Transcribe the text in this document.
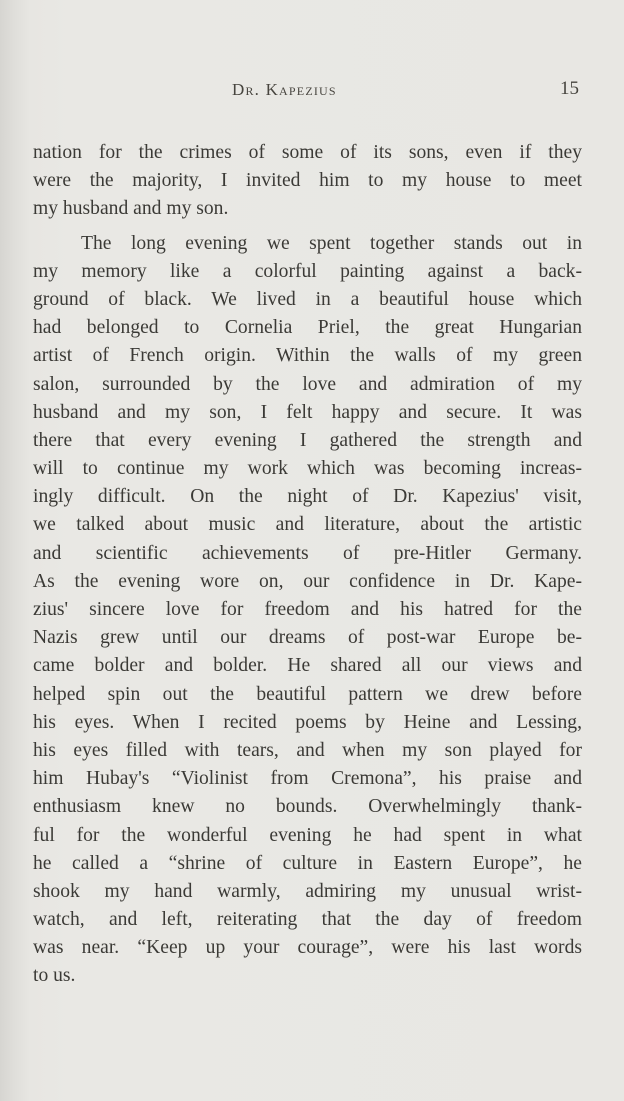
Dr. Kapezius	15
nation for the crimes of some of its sons, even if they
were the majority, I invited him to my house to meet
my husband and my son.
The long evening we spent together stands out in
my memory like a colorful painting against a back-
ground of black. We lived in a beautiful house which
had belonged to Cornelia Priel, the great Hungarian
artist of French origin. Within the walls of my green
salon, surrounded by the love and admiration of my
husband and my son, I felt happy and secure. It was
there that every evening I gathered the strength and
will to continue my work which was becoming increas-
ingly difficult. On the night of Dr. Kapezius' visit,
we talked about music and literature, about the artistic
and scientific achievements of pre-Hitler Germany.
As the evening wore on, our confidence in Dr. Kape-
zius' sincere love for freedom and his hatred for the
Nazis grew until our dreams of post-war Europe be-
came bolder and bolder. He shared all our views and
helped spin out the beautiful pattern we drew before
his eyes. When I recited poems by Heine and Lessing,
his eyes filled with tears, and when my son played for
him Hubay's “Violinist from Cremona”, his praise and
enthusiasm knew no bounds. Overwhelmingly thank-
ful for the wonderful evening he had spent in what
he called a “shrine of culture in Eastern Europe”, he
shook my hand warmly, admiring my unusual wrist-
watch, and left, reiterating that the day of freedom
was near. “Keep up your courage”, were his last words
to us.
